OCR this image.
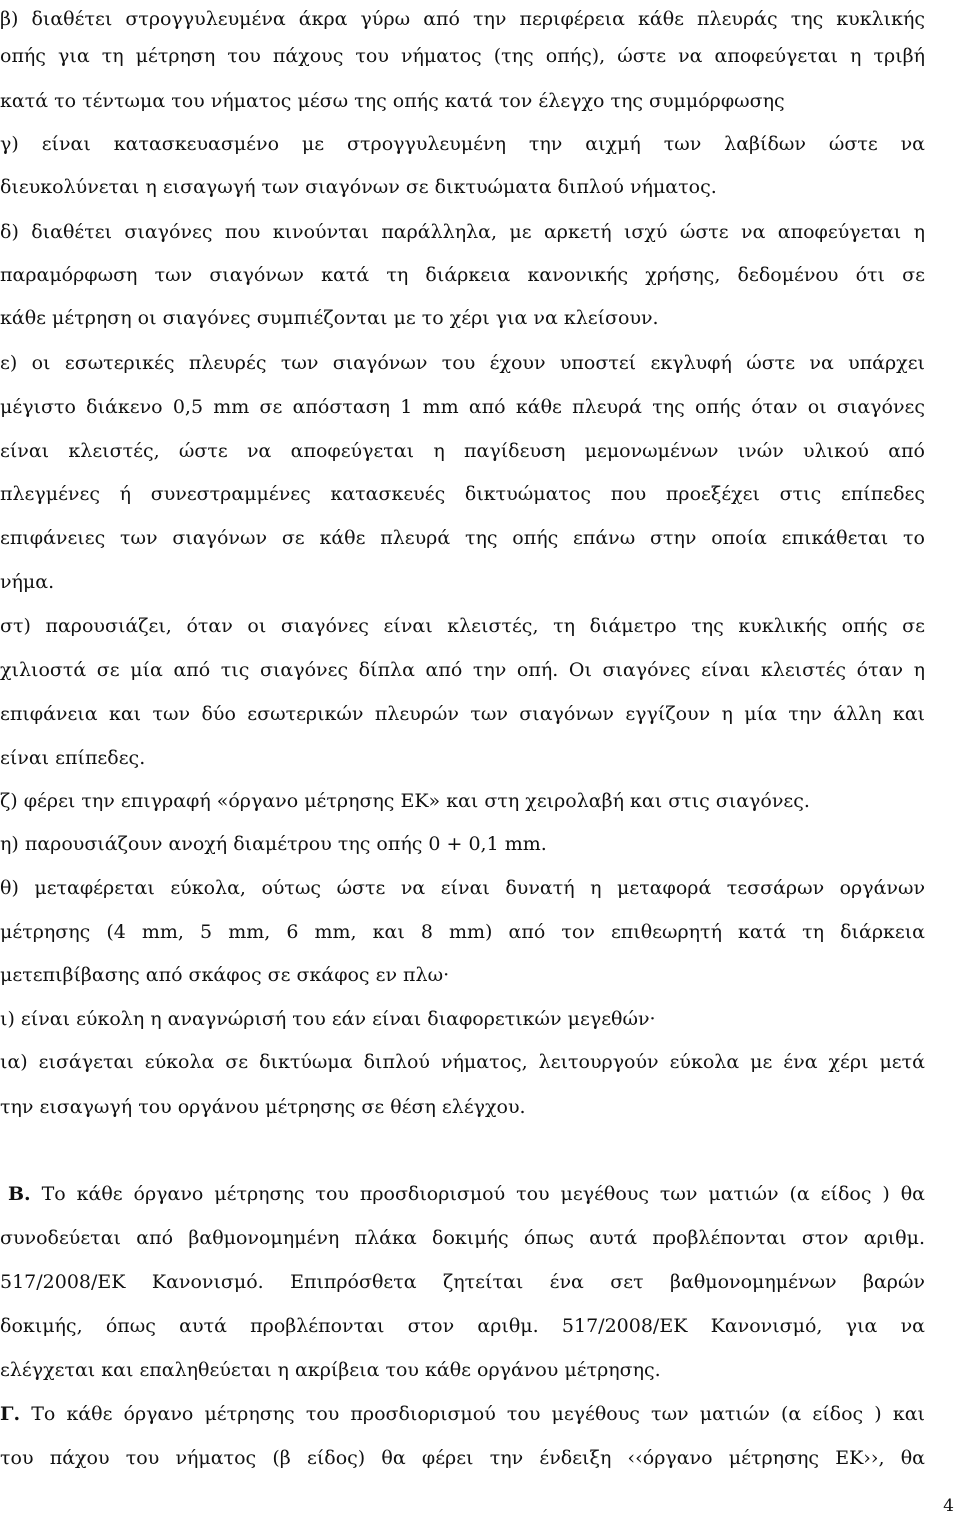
β) διαθέτει στρογγυλευμένα άκρα γύρω από την περιφέρεια κάθε πλευράς της κυκλικής

οπής για τη μέτρηση του πάχους του νήματος (της οπής), ώστε να αποφεύγεται η τριβή

κατά το τέντωμα του νήματος μέσω της οπής κατά τον έλεγχο της συμμόρφωσης

γ) είναι κατασκευασμένο με στρογγυλευμένη την αιχμή των λαβίδων ώστε να

διευκολύνεται η εισαγωγή των σιαγόνων σε δικτυώματα διπλού νήματος.

δ) διαθέτει σιαγόνες που κινούνται παράλληλα, με αρκετή ισχύ ώστε να αποφεύγεται η

παραμόρφωση των σιαγόνων κατά τη διάρκεια κανονικής χρήσης, δεδομένου ότι σε

κάθε μέτρηση οι σιαγόνες συμπιέζονται με το χέρι για να κλείσουν.

ε) οι εσωτερικές πλευρές των σιαγόνων του έχουν υποστεί εκγλυφή ώστε να υπάρχει

μέγιστο διάκενο 0,5 mm σε απόσταση 1 mm από κάθε πλευρά της οπής όταν οι σιαγόνες

είναι κλειστές, ώστε να αποφεύγεται η παγίδευση μεμονωμένων ινών υλικού από

πλεγμένες ή συνεστραμμένες κατασκευές δικτυώματος που προεξέχει στις επίπεδες

επιφάνειες των σιαγόνων σε κάθε πλευρά της οπής επάνω στην οποία επικάθεται το

νήμα.

στ) παρουσιάζει, όταν οι σιαγόνες είναι κλειστές, τη διάμετρο της κυκλικής οπής σε

χιλιοστά σε μία από τις σιαγόνες δίπλα από την οπή. Οι σιαγόνες είναι κλειστές όταν η

επιφάνεια και των δύο εσωτερικών πλευρών των σιαγόνων εγγίζουν η μία την άλλη και

είναι επίπεδες.

ζ) φέρει την επιγραφή «όργανο μέτρησης ΕΚ» και στη χειρολαβή και στις σιαγόνες.

η) παρουσιάζουν ανοχή διαμέτρου της οπής 0 + 0,1 mm.

θ) μεταφέρεται εύκολα, ούτως ώστε να είναι δυνατή η μεταφορά τεσσάρων οργάνων

μέτρησης (4 mm, 5 mm, 6 mm, και 8 mm) από τον επιθεωρητή κατά τη διάρκεια

μετεπιβίβασης από σκάφος σε σκάφος εν πλω·

ι) είναι εύκολη η αναγνώρισή του εάν είναι διαφορετικών μεγεθών·

ια) εισάγεται εύκολα σε δικτύωμα διπλού νήματος, λειτουργούν εύκολα με ένα χέρι μετά

την εισαγωγή του οργάνου μέτρησης σε θέση ελέγχου.

Β. Το κάθε όργανο μέτρησης του προσδιορισμού του μεγέθους των ματιών (α είδος ) θα

συνοδεύεται από βαθμονομημένη πλάκα δοκιμής όπως αυτά προβλέπονται στον αριθμ.

517/2008/ΕΚ Κανονισμό. Επιπρόσθετα ζητείται ένα σετ βαθμονομημένων βαρών

δοκιμής, όπως αυτά προβλέπονται στον αριθμ. 517/2008/ΕΚ Κανονισμό, για να

ελέγχεται και επαληθεύεται η ακρίβεια του κάθε οργάνου μέτρησης.

Γ. Το κάθε όργανο μέτρησης του προσδιορισμού του μεγέθους των ματιών (α είδος ) και

του πάχου του νήματος (β είδος) θα φέρει την ένδειξη ‹‹όργανο μέτρησης ΕΚ››, θα

4
